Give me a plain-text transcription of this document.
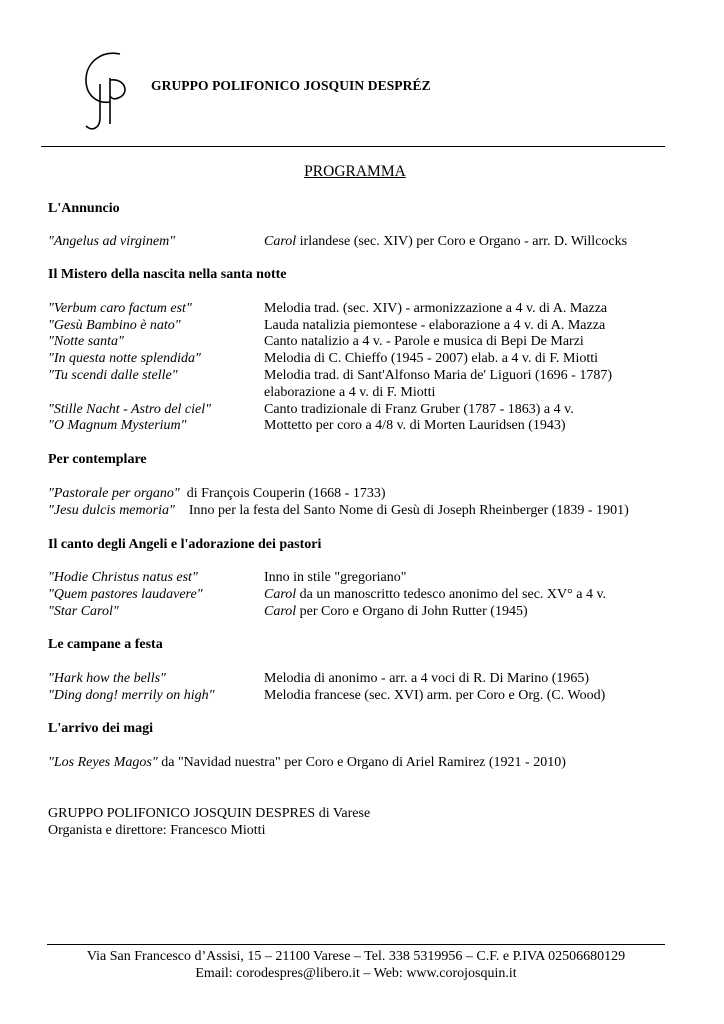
GRUPPO POLIFONICO JOSQUIN DESPRÉZ
PROGRAMMA
L'Annuncio
"Angelus ad virginem"	Carol irlandese (sec. XIV) per Coro e Organo - arr. D. Willcocks
Il Mistero della nascita nella santa notte
"Verbum caro factum est"	Melodia trad. (sec. XIV) - armonizzazione a 4 v. di A. Mazza
"Gesù Bambino è nato"	Lauda natalizia piemontese - elaborazione a 4 v. di A. Mazza
"Notte santa"	Canto natalizio a 4 v. - Parole e musica di Bepi De Marzi
"In questa notte splendida"	Melodia di C. Chieffo (1945 - 2007) elab. a 4 v. di F. Miotti
"Tu scendi dalle stelle"	Melodia trad. di Sant'Alfonso Maria de' Liguori (1696 - 1787)
elaborazione a 4 v. di F. Miotti
"Stille Nacht - Astro del ciel"	Canto tradizionale di Franz Gruber (1787 - 1863) a 4 v.
"O Magnum Mysterium"	Mottetto per coro a 4/8 v. di Morten Lauridsen (1943)
Per contemplare
"Pastorale per organo"  di François Couperin (1668 - 1733)
"Jesu dulcis memoria"    Inno per la festa del Santo Nome di Gesù di Joseph Rheinberger (1839 - 1901)
Il canto degli Angeli e l'adorazione dei pastori
"Hodie Christus natus est"	Inno in stile "gregoriano"
"Quem pastores laudavere"	Carol da un manoscritto tedesco anonimo del sec. XV° a 4 v.
"Star Carol"	Carol per Coro e Organo di John Rutter (1945)
Le campane a festa
"Hark how the bells"	Melodia di anonimo - arr. a 4 voci di R. Di Marino (1965)
"Ding dong! merrily on high"	Melodia francese (sec. XVI) arm. per Coro e Org. (C. Wood)
L'arrivo dei magi
"Los Reyes Magos" da "Navidad nuestra" per Coro e Organo di Ariel Ramirez (1921 - 2010)
GRUPPO POLIFONICO JOSQUIN DESPRES di Varese
Organista e direttore: Francesco Miotti
Via San Francesco d’Assisi, 15 – 21100 Varese – Tel. 338 5319956 – C.F. e P.IVA 02506680129
Email: corodespres@libero.it – Web: www.corojosquin.it
